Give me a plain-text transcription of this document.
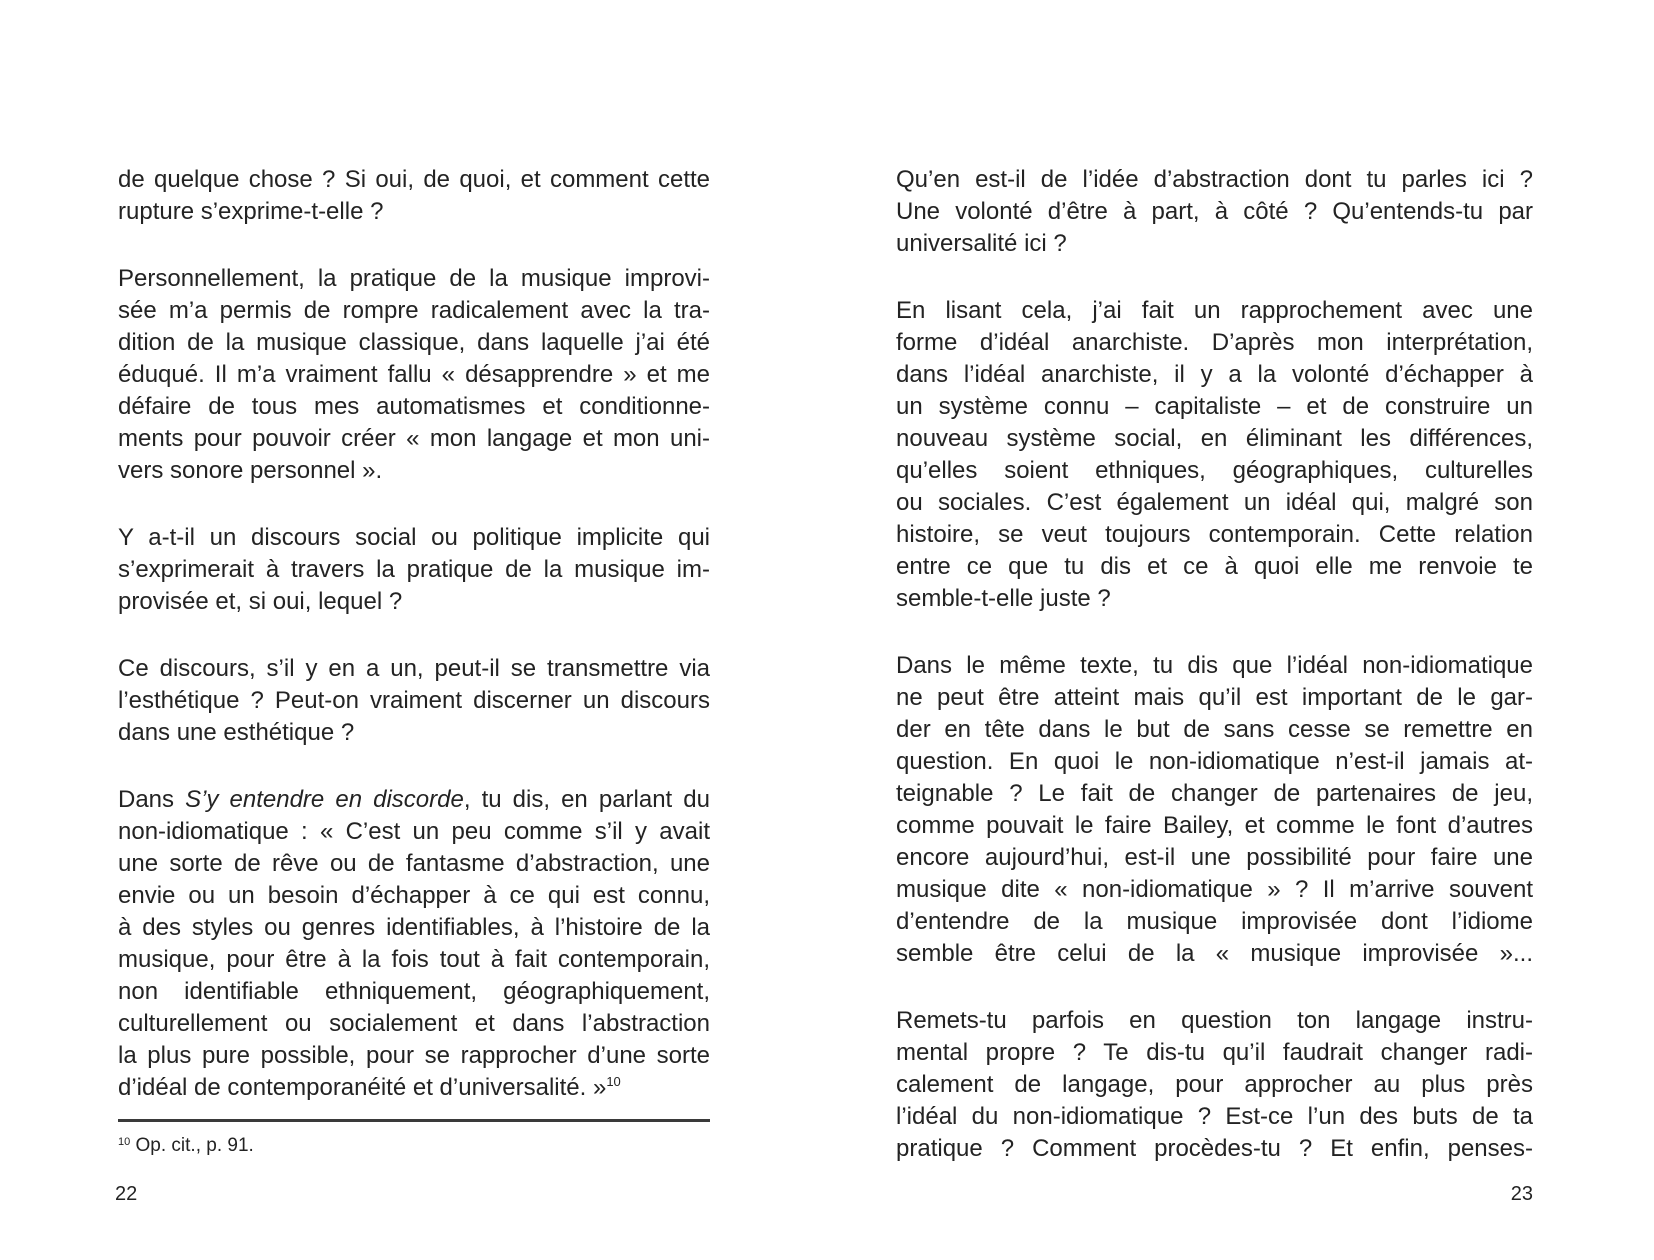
de quelque chose ? Si oui, de quoi, et comment cette
rupture s’exprime-t-elle ?
Personnellement, la pratique de la musique improvi-
sée m’a permis de rompre radicalement avec la tra-
dition de la musique classique, dans laquelle j’ai été
éduqué. Il m’a vraiment fallu « désapprendre » et me
défaire de tous mes automatismes et conditionne-
ments pour pouvoir créer « mon langage et mon uni-
vers sonore personnel ».
Y a-t-il un discours social ou politique implicite qui
s’exprimerait à travers la pratique de la musique im-
provisée et, si oui, lequel ?
Ce discours, s’il y en a un, peut-il se transmettre via
l’esthétique ? Peut-on vraiment discerner un discours
dans une esthétique ?
Dans S’y entendre en discorde, tu dis, en parlant du
non-idiomatique : « C’est un peu comme s’il y avait
une sorte de rêve ou de fantasme d’abstraction, une
envie ou un besoin d’échapper à ce qui est connu,
à des styles ou genres identifiables, à l’histoire de la
musique, pour être à la fois tout à fait contemporain,
non identifiable ethniquement, géographiquement,
culturellement ou socialement et dans l’abstraction
la plus pure possible, pour se rapprocher d’une sorte
d’idéal de contemporanéité et d’universalité. »$^{10}$
Qu’en est-il de l’idée d’abstraction dont tu parles ici ?
Une volonté d’être à part, à côté ? Qu’entends-tu par
universalité ici ?
En lisant cela, j’ai fait un rapprochement avec une
forme d’idéal anarchiste. D’après mon interprétation,
dans l’idéal anarchiste, il y a la volonté d’échapper à
un système connu – capitaliste – et de construire un
nouveau système social, en éliminant les différences,
qu’elles soient ethniques, géographiques, culturelles
ou sociales. C’est également un idéal qui, malgré son
histoire, se veut toujours contemporain. Cette relation
entre ce que tu dis et ce à quoi elle me renvoie te
semble-t-elle juste ?
Dans le même texte, tu dis que l’idéal non-idiomatique
ne peut être atteint mais qu’il est important de le gar-
der en tête dans le but de sans cesse se remettre en
question. En quoi le non-idiomatique n’est-il jamais at-
teignable ? Le fait de changer de partenaires de jeu,
comme pouvait le faire Bailey, et comme le font d’autres
encore aujourd’hui, est-il une possibilité pour faire une
musique dite « non-idiomatique » ? Il m’arrive souvent
d’entendre de la musique improvisée dont l’idiome
semble être celui de la « musique improvisée »...
Remets-tu parfois en question ton langage instru-
mental propre ? Te dis-tu qu’il faudrait changer radi-
calement de langage, pour approcher au plus près
l’idéal du non-idiomatique ? Est-ce l’un des buts de ta
pratique ? Comment procèdes-tu ? Et enfin, penses-
$^{10}$ Op. cit., p. 91.
22	23
